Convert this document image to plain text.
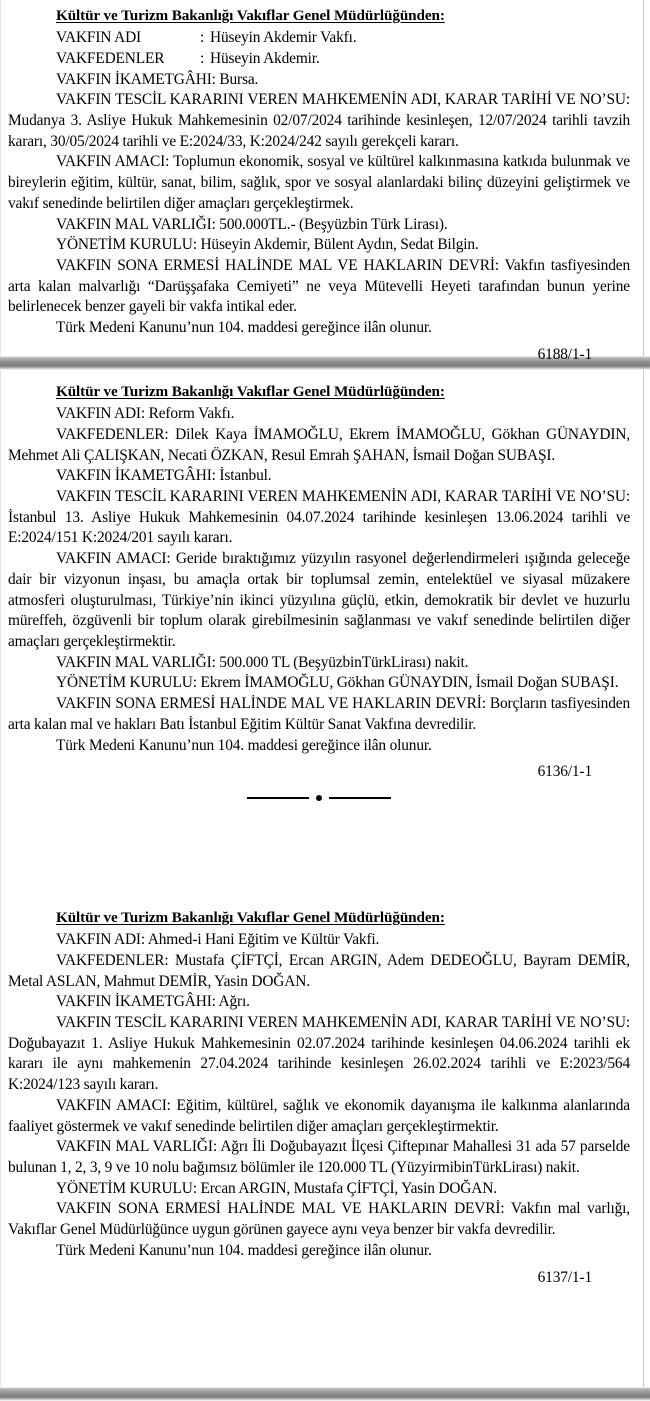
Kültür ve Turizm Bakanlığı Vakıflar Genel Müdürlüğünden:
VAKFIN ADI	: Hüseyin Akdemir Vakfı.
VAKFEDENLER : Hüseyin Akdemir.

VAKFIN İKAMETGÂHI: Bursa.

VAKFIN TESCİL KARARINI VEREN MAHKEMENİN ADI, KARAR TARİHİ VE NO’SU: Mudanya 3. Asliye Hukuk Mahkemesinin 02/07/2024 tarihinde kesinleşen, 12/07/2024 tarihli tavzih kararı, 30/05/2024 tarihli ve E:2024/33, K:2024/242 sayılı gerekçeli kararı.

VAKFIN AMACI: Toplumun ekonomik, sosyal ve kültürel kalkınmasına katkıda bulunmak ve bireylerin eğitim, kültür, sanat, bilim, sağlık, spor ve sosyal alanlardaki bilinç düzeyini geliştirmek ve vakıf senedinde belirtilen diğer amaçları gerçekleştirmek.

VAKFIN MAL VARLIĞI: 500.000TL.- (Beşyüzbin Türk Lirası).

YÖNETİM KURULU: Hüseyin Akdemir, Bülent Aydın, Sedat Bilgin.

VAKFIN SONA ERMESİ HALİNDE MAL VE HAKLARIN DEVRİ: Vakfın tasfiyesinden arta kalan malvarlığı “Darüşşafaka Cemiyeti” ne veya Mütevelli Heyeti tarafından bunun yerine belirlenecek benzer gayeli bir vakfa intikal eder.

Türk Medeni Kanunu’nun 104. maddesi gereğince ilân olunur.

6188/1-1

Kültür ve Turizm Bakanlığı Vakıflar Genel Müdürlüğünden:

VAKFIN ADI: Reform Vakfı.

VAKFEDENLER: Dilek Kaya İMAMOĞLU, Ekrem İMAMOĞLU, Gökhan GÜNAYDIN, Mehmet Ali ÇALIŞKAN, Necati ÖZKAN, Resul Emrah ŞAHAN, İsmail Doğan SUBAŞI.

VAKFIN İKAMETGÂHI: İstanbul.

VAKFIN TESCİL KARARINI VEREN MAHKEMENİN ADI, KARAR TARİHİ VE NO’SU: İstanbul 13. Asliye Hukuk Mahkemesinin 04.07.2024 tarihinde kesinleşen 13.06.2024 tarihli ve E:2024/151 K:2024/201 sayılı kararı.

VAKFIN AMACI: Geride bıraktığımız yüzyılın rasyonel değerlendirmeleri ışığında geleceğe dair bir vizyonun inşası, bu amaçla ortak bir toplumsal zemin, entelektüel ve siyasal müzakere atmosferi oluşturulması, Türkiye’nin ikinci yüzyılına güçlü, etkin, demokratik bir devlet ve huzurlu müreffeh, özgüvenli bir toplum olarak girebilmesinin sağlanması ve vakıf senedinde belirtilen diğer amaçları gerçekleştirmektir.

VAKFIN MAL VARLIĞI: 500.000 TL (BeşyüzbinTürkLirası) nakit.

YÖNETİM KURULU: Ekrem İMAMOĞLU, Gökhan GÜNAYDIN, İsmail Doğan SUBAŞI.

VAKFIN SONA ERMESİ HALİNDE MAL VE HAKLARIN DEVRİ: Borçların tasfiyesinden arta kalan mal ve hakları Batı İstanbul Eğitim Kültür Sanat Vakfına devredilir.

Türk Medeni Kanunu’nun 104. maddesi gereğince ilân olunur.

6136/1-1

Kültür ve Turizm Bakanlığı Vakıflar Genel Müdürlüğünden:

VAKFIN ADI: Ahmed-i Hani Eğitim ve Kültür Vakfi.

VAKFEDENLER: Mustafa ÇİFTÇİ, Ercan ARGIN, Adem DEDEOĞLU, Bayram DEMİR, Metal ASLAN, Mahmut DEMİR, Yasin DOĞAN.

VAKFIN İKAMETGÂHI: Ağrı.

VAKFIN TESCİL KARARINI VEREN MAHKEMENİN ADI, KARAR TARİHİ VE NO’SU: Doğubayazıt 1. Asliye Hukuk Mahkemesinin 02.07.2024 tarihinde kesinleşen 04.06.2024 tarihli ek kararı ile aynı mahkemenin 27.04.2024 tarihinde kesinleşen 26.02.2024 tarihli ve E:2023/564 K:2024/123 sayılı kararı.

VAKFIN AMACI: Eğitim, kültürel, sağlık ve ekonomik dayanışma ile kalkınma alanlarında faaliyet göstermek ve vakıf senedinde belirtilen diğer amaçları gerçekleştirmektir.

VAKFIN MAL VARLIĞI: Ağrı İli Doğubayazıt İlçesi Çiftepınar Mahallesi 31 ada 57 parselde bulunan 1, 2, 3, 9 ve 10 nolu bağımsız bölümler ile 120.000 TL (YüzyirmibinTürkLirası) nakit.

YÖNETİM KURULU: Ercan ARGIN, Mustafa ÇİFTÇİ, Yasin DOĞAN.

VAKFIN SONA ERMESİ HALİNDE MAL VE HAKLARIN DEVRİ: Vakfın mal varlığı, Vakıflar Genel Müdürlüğünce uygun görünen gayece aynı veya benzer bir vakfa devredilir.

Türk Medeni Kanunu’nun 104. maddesi gereğince ilân olunur.

6137/1-1
